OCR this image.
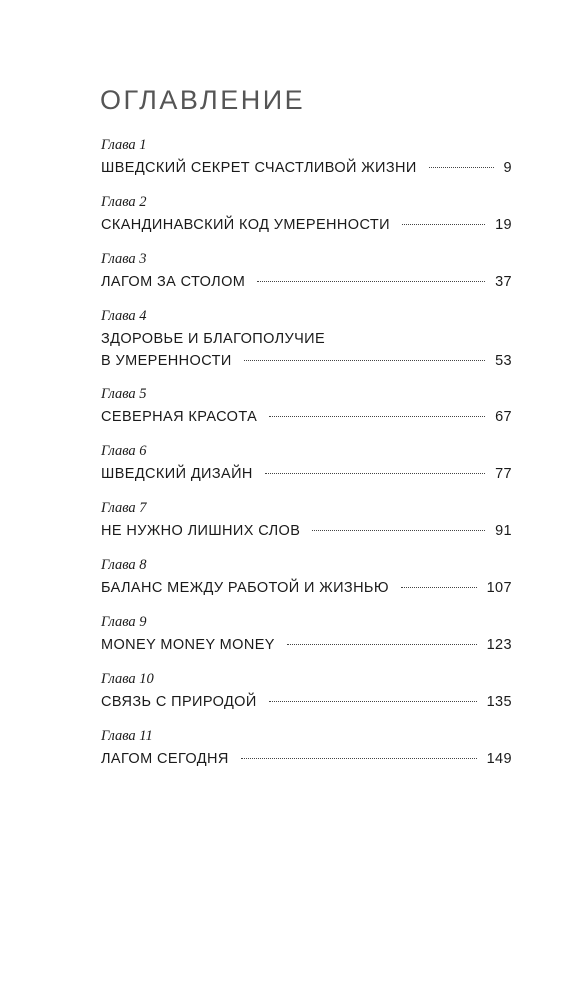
ОГЛАВЛЕНИЕ
Глава 1
ШВЕДСКИЙ СЕКРЕТ СЧАСТЛИВОЙ ЖИЗНИ	9
Глава 2
СКАНДИНАВСКИЙ КОД УМЕРЕННОСТИ	19
Глава 3
ЛАГОМ ЗА СТОЛОМ	37
Глава 4
ЗДОРОВЬЕ И БЛАГОПОЛУЧИЕ
В УМЕРЕННОСТИ	53
Глава 5
СЕВЕРНАЯ КРАСОТА	67
Глава 6
ШВЕДСКИЙ ДИЗАЙН	77
Глава 7
НЕ НУЖНО ЛИШНИХ СЛОВ	91
Глава 8
БАЛАНС МЕЖДУ РАБОТОЙ И ЖИЗНЬЮ	107
Глава 9
MONEY MONEY MONEY	123
Глава 10
СВЯЗЬ С ПРИРОДОЙ	135
Глава 11
ЛАГОМ СЕГОДНЯ	149
